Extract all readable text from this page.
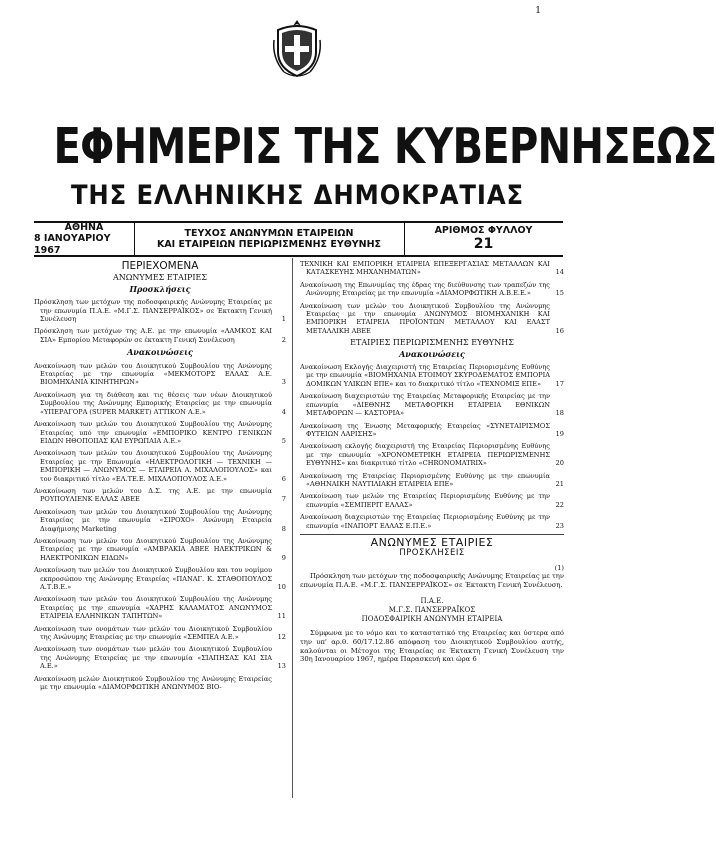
1
ΕΦΗΜΕΡΙΣ ΤΗΣ ΚΥΒΕΡΝΗΣΕΩΣ
ΤΗΣ ΕΛΛΗΝΙΚΗΣ ΔΗΜΟΚΡΑΤΙΑΣ
ΑΘΗΝΑ
8 ΙΑΝΟΥΑΡΙΟΥ 1967
ΤΕΥΧΟΣ ΑΝΩΝΥΜΩΝ ΕΤΑΙΡΕΙΩΝ
ΚΑΙ ΕΤΑΙΡΕΙΩΝ ΠΕΡΙΩΡΙΣΜΕΝΗΣ ΕΥΘΥΝΗΣ
ΑΡΙΘΜΟΣ ΦΥΛΛΟΥ
21
ΠΕΡΙΕΧΟΜΕΝΑ
ΑΝΩΝΥΜΕΣ ΕΤΑΙΡΙΕΣ
Προσκλήσεις
Πρόσκληση των μετόχων της ποδοσφαιρικής Ανώνυμης Εταιρείας με την επωνυμία Π.Α.Ε. «Μ.Γ.Σ. ΠΑΝΣΕΡΡΑΪΚΟΣ» σε Έκτακτη Γενική Συνέλευση	1
Πρόσκληση των μετόχων της Α.Ε. με την επωνυμία «ΛΑΜΚΟΣ ΚΑΙ ΣΙΑ» Εμπορίου Μεταφορών σε έκτακτη Γενική Συνέλευση	2
Ανακοινώσεις
Ανακοίνωση των μελών του Διοικητικού Συμβουλίου της Ανώνυμης Εταιρείας με την επωνυμία «ΜΕΚΜΟΤΟΡΣ ΕΛΛΑΣ Α.Ε. ΒΙΟΜΗΧΑΝΙΑ ΚΙΝΗΤΗΡΩΝ»	3
Ανακοίνωση για τη διάθεση και τις θέσεις των νέων Διοικητικού Συμβουλίου της Ανώνυμης Εμπορικής Εταιρείας με την επωνυμία «ΥΠΕΡΑΓΟΡΑ (SUPER MARKET) ΑΤΤΙΚΟΝ Α.Ε.»	4
Ανακοίνωση των μελών του Διοικητικού Συμβουλίου της Ανώνυμης Εταιρείας υπό την επωνυμία «ΕΜΠΟΡΙΚΟ ΚΕΝΤΡΟ ΓΕΝΙΚΩΝ ΕΙΔΩΝ ΗΘΟΠΟΙΙΑΣ ΚΑΙ ΕΥΡΩΠΑΙΑ Α.Ε.»	5
Ανακοίνωση των μελών του Διοικητικού Συμβουλίου της Ανώνυμης Εταιρείας με την Επωνυμία «ΗΛΕΚΤΡΟΛΟΓΙΚΗ — ΤΕΧΝΙΚΗ — ΕΜΠΟΡΙΚΗ — ΑΝΩΝΥΜΟΣ — ΕΤΑΙΡΕΙΑ Α. ΜΙΧΑΛΟΠΟΥΛΟΣ» και τον διακριτικό τίτλο «ΕΛ.ΤΕ.Ε. ΜΙΧΑΛΟΠΟΥΛΟΣ Α.Ε.»	6
Ανακοίνωση των μελών του Δ.Σ. της Α.Ε. με την επωνυμία ΡΟΥΠΟΥΛΙΕΝΚ ΕΛΛΑΣ ΑΒΕΕ	7
Ανακοίνωση των μελών του Διοικητικού Συμβουλίου της Ανώνυμης Εταιρείας με την επωνυμία «ΣΙΡΟΧΟ» Ανώνυμη Εταιρεία Διαφήμισης Marketing	8
Ανακοίνωση των μελών του Διοικητικού Συμβουλίου της Ανώνυμης Εταιρείας με την επωνυμία «ΑΜΒΡΑΚΙΑ ΑΒΕΕ ΗΛΕΚΤΡΙΚΩΝ & ΗΛΕΚΤΡΟΝΙΚΩΝ ΕΙΔΩΝ»	9
Ανακοίνωση των μελών του Διοικητικού Συμβουλίου και του νομίμου εκπροσώπου της Ανώνυμης Εταιρείας «ΠΑΝΑΓ. Κ. ΣΤΑΘΟΠΟΥΛΟΣ Α.Τ.Β.Ε.»	10
Ανακοίνωση των μελών του Διοικητικού Συμβουλίου της Ανώνυμης Εταιρείας με την επωνυμία «ΧΑΡΗΣ ΚΑΛΑΜΑΤΟΣ ΑΝΩΝΥΜΟΣ ΕΤΑΙΡΕΙΑ ΕΛΛΗΝΙΚΩΝ ΤΑΠΗΤΩΝ»	11
Ανακοίνωση των ονομάτων των μελών του Διοικητικού Συμβουλίου της Ανώνυμης Εταιρείας με την επωνυμία «ΣΕΜΠΕΑ Α.Ε.»	12
Ανακοίνωση των ονομάτων των μελών του Διοικητικού Συμβουλίου της Ανώνυμης Εταιρείας με την επωνυμία «ΣΙΑΠΗΣΑΣ ΚΑΙ ΣΙΑ Α.Ε.»	13
Ανακοίνωση μελών Διοικητικού Συμβουλίου της Ανώνυμης Εταιρείας με την επωνυμία «ΔΙΑΜΟΡΦΩΤΙΚΗ ΑΝΩΝΥΜΟΣ ΒΙΟ-
ΤΕΧΝΙΚΗ ΚΑΙ ΕΜΠΟΡΙΚΗ ΕΤΑΙΡΕΙΑ ΕΠΕΞΕΡΓΑΣΙΑΣ ΜΕΤΑΛΛΩΝ ΚΑΙ ΚΑΤΑΣΚΕΥΗΣ ΜΗΧΑΝΗΜΑΤΩΝ»	14
Ανακοίνωση της Επωνυμίας της έδρας της διεύθυνσης των τραπεζών της Ανώνυμης Εταιρείας με την επωνυμία «ΔΙΑΜΟΡΦΩΤΙΚΗ Α.Β.Ε.Ε.»	15
Ανακοίνωση των μελών του Διοικητικού Συμβουλίου της Ανώνυμης Εταιρείας με την επωνυμία ΑΝΩΝΥΜΟΣ ΒΙΟΜΗΧΑΝΙΚΗ ΚΑΙ ΕΜΠΟΡΙΚΗ ΕΤΑΙΡΕΙΑ ΠΡΟΪΟΝΤΩΝ ΜΕΤΑΛΛΟΥ ΚΑΙ ΕΛΑΣΤ ΜΕΤΑΛΛΙΚΗ ΑΒΕΕ	16
ΕΤΑΙΡΙΕΣ ΠΕΡΙΩΡΙΣΜΕΝΗΣ ΕΥΘΥΝΗΣ
Ανακοινώσεις
Ανακοίνωση Εκλογής Διαχειριστή της Εταιρείας Περιορισμένης Ευθύνης με την επωνυμία «ΒΙΟΜΗΧΑΝΙΑ ΕΤΟΙΜΟΥ ΣΚΥΡΟΔΕΜΑΤΟΣ ΕΜΠΟΡΙΑ ΔΟΜΙΚΩΝ ΥΛΙΚΩΝ ΕΠΕ» και το διακριτικό τίτλο «ΤΕΧΝΟΜΙΞ ΕΠΕ»	17
Ανακοίνωση διαχειριστών της Εταιρείας Μεταφορικής Εταιρείας με την επωνυμία «ΔΙΕΘΝΗΣ ΜΕΤΑΦΟΡΙΚΗ ΕΤΑΙΡΕΙΑ ΕΘΝΙΚΩΝ ΜΕΤΑΦΟΡΩΝ — ΚΑΣΤΟΡΙΑ»	18
Ανακοίνωση της Ένωσης Μεταφορικής Εταιρείας «ΣΥΝΕΤΑΙΡΙΣΜΟΣ ΦΥΤΕΙΩΝ ΛΑΡΙΣΗΣ»	19
Ανακοίνωση εκλογής διαχειριστή της Εταιρείας Περιορισμένης Ευθύνης με την επωνυμία «ΧΡΟΝΟΜΕΤΡΙΚΗ ΕΤΑΙΡΕΙΑ ΠΕΡΙΩΡΙΣΜΕΝΗΣ ΕΥΘΥΝΗΣ» και διακριτικό τίτλο «CHRONOMATRIX»	20
Ανακοίνωση της Εταιρείας Περιορισμένης Ευθύνης με την επωνυμία «ΑΘΗΝΑΙΚΗ ΝΑΥΤΙΛΙΑΚΗ ΕΤΑΙΡΕΙΑ ΕΠΕ»	21
Ανακοίνωση των μελών της Εταιρείας Περιορισμένης Ευθύνης με την επωνυμία «ΣΕΜΠΕΡΙΤ ΕΛΛΑΣ»	22
Ανακοίνωση διαχειριστών της Εταιρείας Περιορισμένης Ευθύνης με την επωνυμία «ΙΝΑΠΟΡΤ ΕΛΛΑΣ Ε.Π.Ε.»	23
ΑΝΩΝΥΜΕΣ ΕΤΑΙΡΙΕΣ
ΠΡΟΣΚΛΗΣΕΙΣ
(1)
Πρόσκληση των μετόχων της ποδοσφαιρικής Ανώνυμης Εταιρείας με την επωνυμία Π.Α.Ε. «Μ.Γ.Σ. ΠΑΝΣΕΡΡΑΪΚΟΣ» σε Έκτακτη Γενική Συνέλευση.
Π.Α.Ε.
Μ.Γ.Σ. ΠΑΝΣΕΡΡΑΪΚΟΣ
ΠΟΔΟΣΦΑΙΡΙΚΗ ΑΝΩΝΥΜΗ ΕΤΑΙΡΕΙΑ
Σύμφωνα με το νόμο και το καταστατικό της Εταιρείας και ύστερα από την υπ' αρ.θ. 60/17.12.86 απόφαση του Διοικητικού Συμβουλίου αυτής, καλούνται οι Μέτοχοι της Εταιρείας σε Έκτακτη Γενική Συνέλευση την 30η Ιανουαρίου 1967, ημέρα Παρασκευή και ώρα 6
